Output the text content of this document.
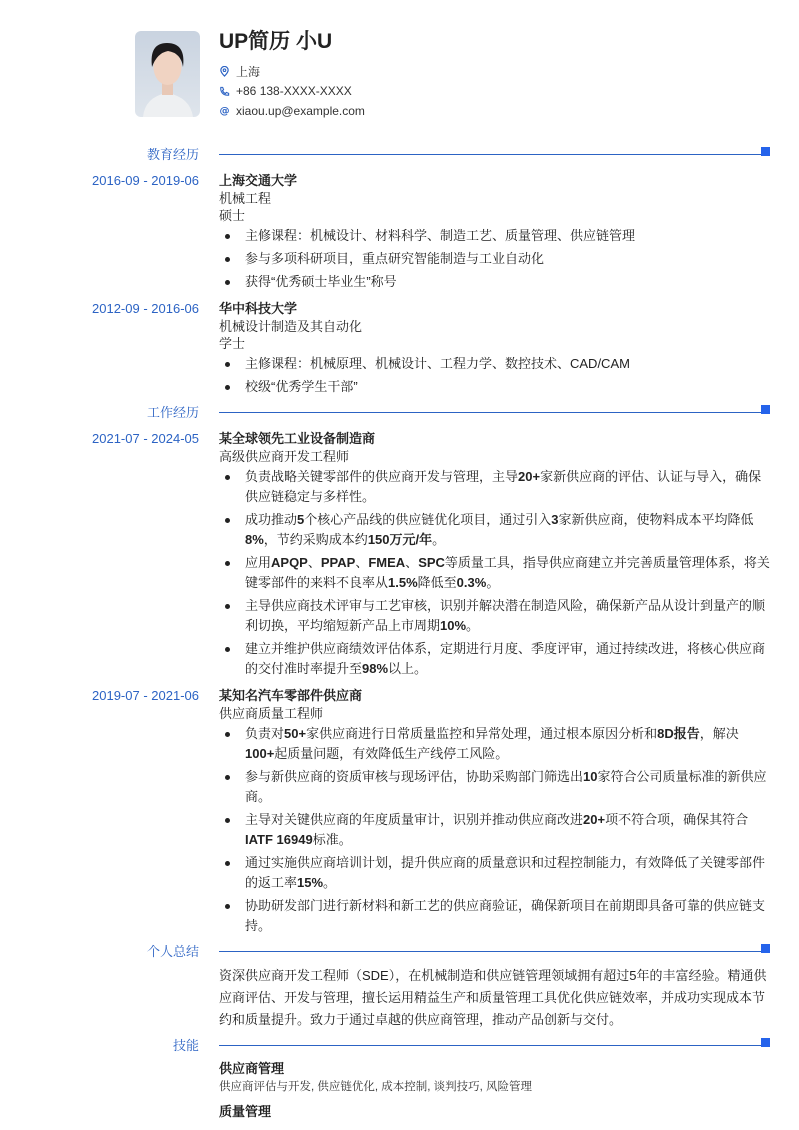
UP简历 小U
上海
+86 138-XXXX-XXXX
@ xiaou.up@example.com
教育经历
2016-09 - 2019-06 上海交通大学
机械工程
硕士
主修课程：机械设计、材料科学、制造工艺、质量管理、供应链管理
参与多项科研项目，重点研究智能制造与工业自动化
获得“优秀硕士毕业生”称号
2012-09 - 2016-06 华中科技大学
机械设计制造及其自动化
学士
主修课程：机械原理、机械设计、工程力学、数控技术、CAD/CAM
校级“优秀学生干部”
工作经历
2021-07 - 2024-05 某全球领先工业设备制造商
高级供应商开发工程师
负责战略关键零部件的供应商开发与管理，主导20+家新供应商的评估、认证与导入，确保供应链稳定与多样性。
成功推动5个核心产品线的供应链优化项目，通过引入3家新供应商，使物料成本平均降低8%，节约采购成本约150万元/年。
应用APQP、PPAP、FMEA、SPC等质量工具，指导供应商建立并完善质量管理体系，将关键零部件的来料不良率从1.5%降低至0.3%。
主导供应商技术评审与工艺审核，识别并解决潜在制造风险，确保新产品从设计到量产的顺利切换，平均缩短新产品上市周期10%。
建立并维护供应商绩效评估体系，定期进行月度、季度评审，通过持续改进，将核心供应商的交付准时率提升至98%以上。
2019-07 - 2021-06 某知名汽车零部件供应商
供应商质量工程师
负责对50+家供应商进行日常质量监控和异常处理，通过根本原因分析和8D报告，解决100+起质量问题，有效降低生产线停工风险。
参与新供应商的资质审核与现场评估，协助采购部门筛选出10家符合公司质量标准的新供应商。
主导对关键供应商的年度质量审计，识别并推动供应商改进20+项不符合项，确保其符合IATF 16949标准。
通过实施供应商培训计划，提升供应商的质量意识和过程控制能力，有效降低了关键零部件的返工率15%。
协助研发部门进行新材料和新工艺的供应商验证，确保新项目在前期即具备可靠的供应链支持。
个人总结
资深供应商开发工程师（SDE），在机械制造和供应链管理领域拥有超过5年的丰富经验。精通供应商评估、开发与管理，擅长运用精益生产和质量管理工具优化供应链效率，并成功实现成本节约和质量提升。致力于通过卓越的供应商管理，推动产品创新与交付。
技能
供应商管理
供应商评估与开发, 供应链优化, 成本控制, 谈判技巧, 风险管理
质量管理
